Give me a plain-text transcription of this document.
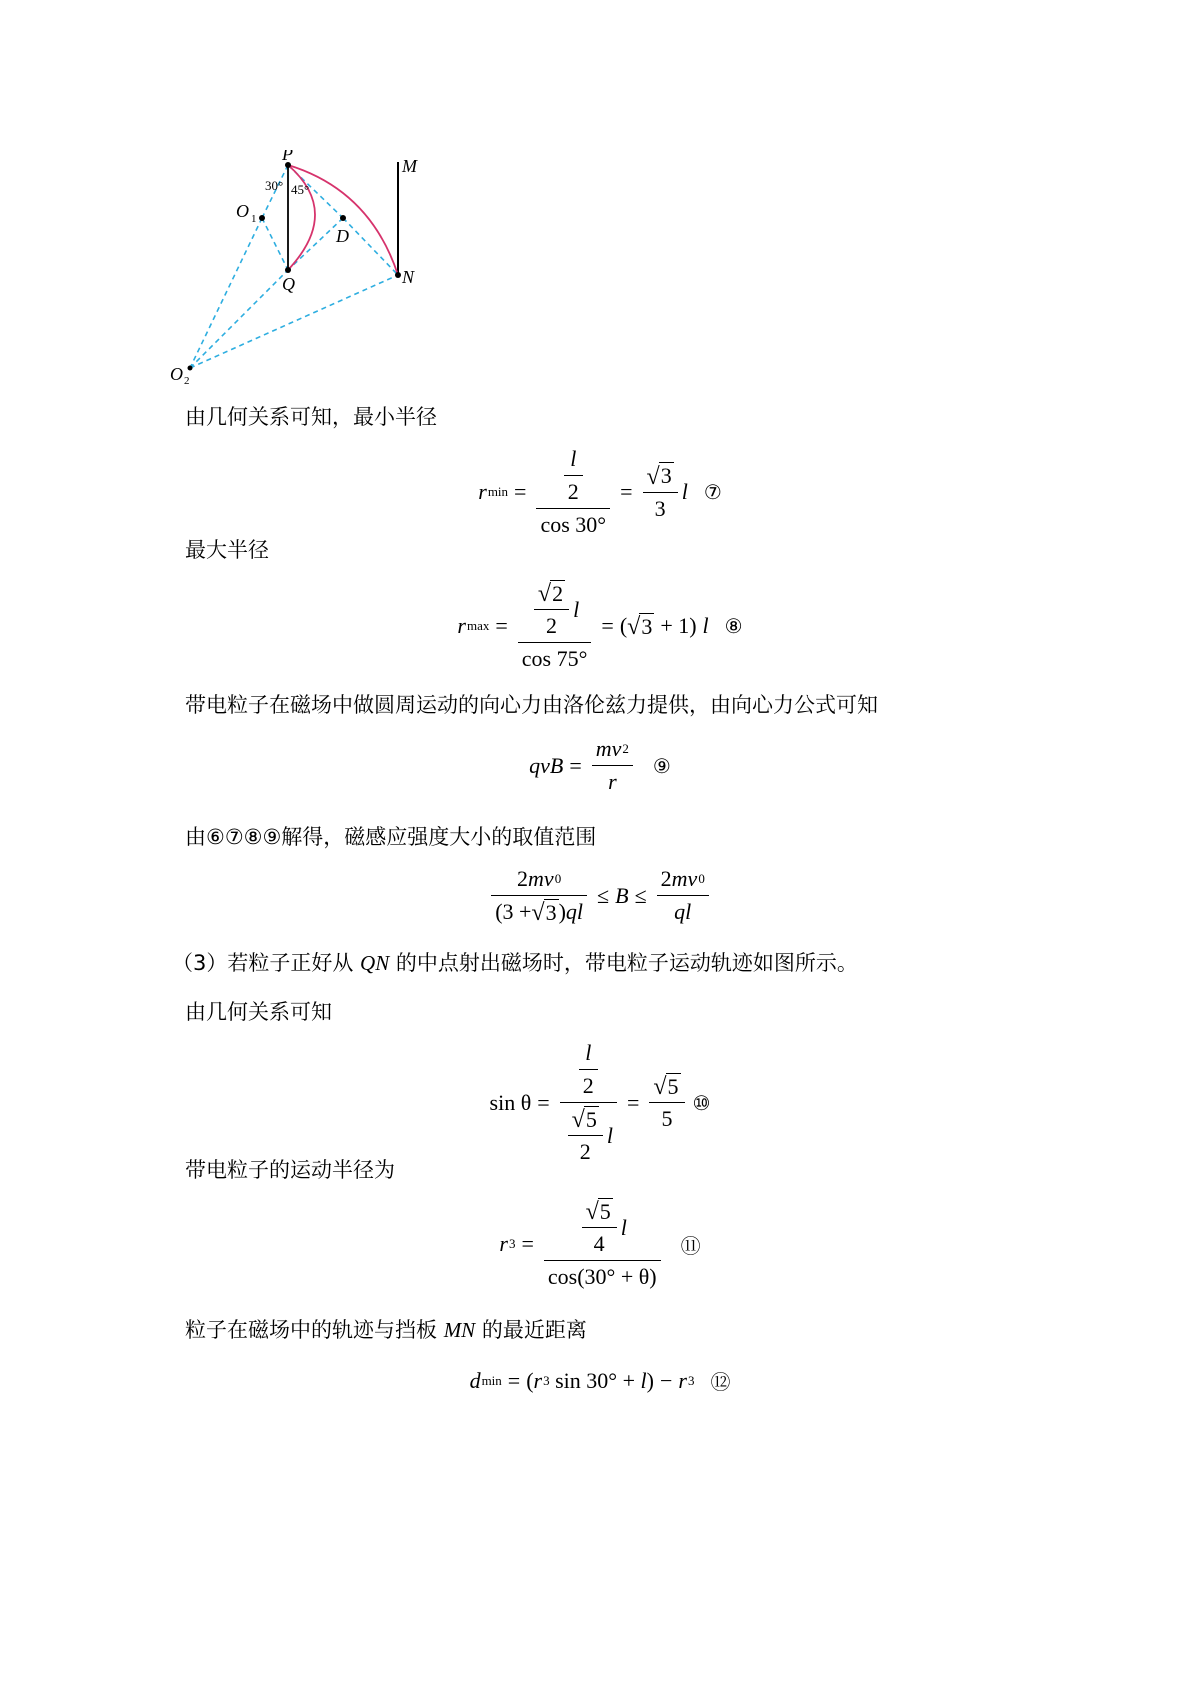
P
M
O 1
D
Q	N
O 2
30° 45°
由几何关系可知，最小半径
r $\min = \frac{\frac{l}{2}}{\cos 30^\circ} = \frac{√ 3}{3}$ l ⑦
最大半径
r $\max = \frac{\frac{√ 2}{2} l}{\cos 75^\circ}$ = ( √ 3 + 1) l ⑧
带电粒子在磁场中做圆周运动的向心力由洛伦兹力提供，由向心力公式可知
q v $B = \frac{\text{m v 2}}{r}$ ⑨
由⑥⑦⑧⑨解得，磁感应强度大小的取值范围
$\frac{2 mv 0}{(3 + √ 3 ) ql} \le B \le \frac{2 mv 0}{ql}$
（3）若粒子正好从 QN 的中点射出磁场时，带电粒子运动轨迹如图所示。
由几何关系可知
$\sin \theta = \frac{\frac{l}{2}}{\frac{√ 5}{2} l} = \frac{√ 5}{5}$ ⑩
带电粒子的运动半径为
r $3 = \frac{\frac{√ 5}{4} l}{\cos(30^\circ + \theta)}$ ⑪
粒子在磁场中的轨迹与挡板 MN 的最近距离
d min = ( r 3 sin 30° + l ) − r 3 ⑫
